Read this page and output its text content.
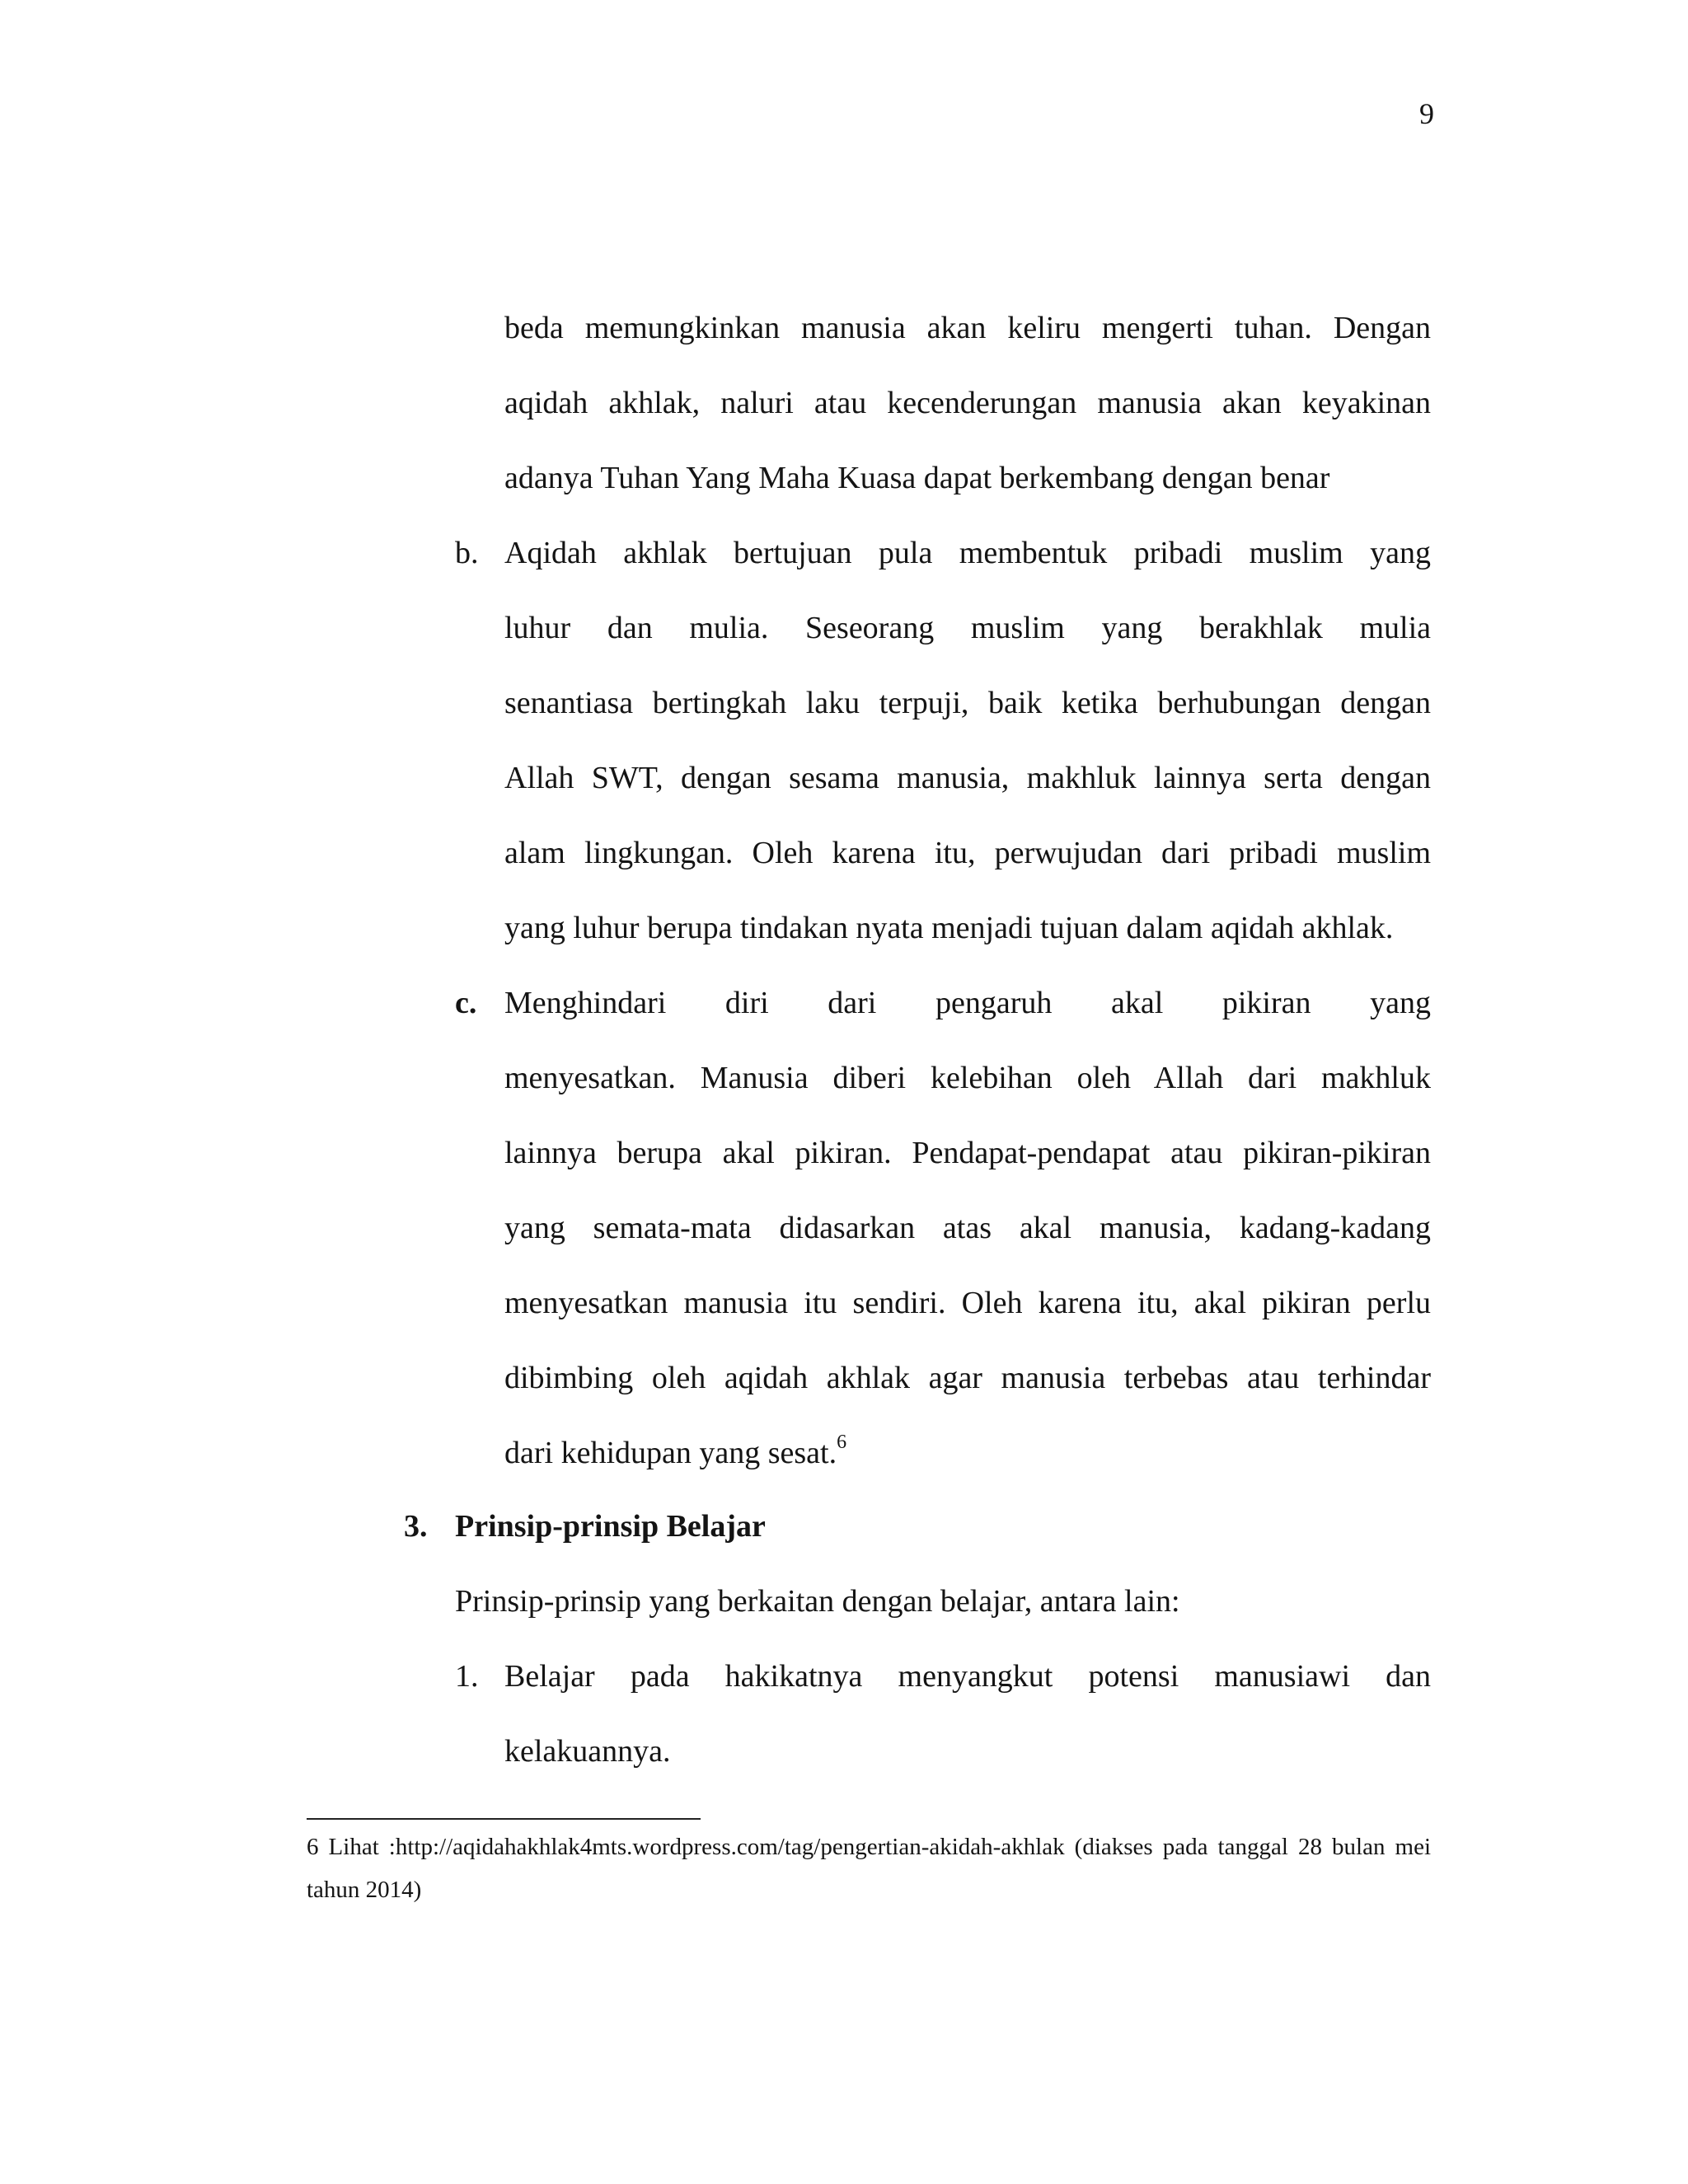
9
beda memungkinkan manusia akan keliru mengerti tuhan. Dengan
aqidah akhlak, naluri atau kecenderungan manusia akan keyakinan
adanya Tuhan Yang Maha Kuasa dapat berkembang dengan benar
b. Aqidah akhlak bertujuan pula membentuk pribadi muslim yang
luhur dan mulia. Seseorang muslim yang berakhlak mulia
senantiasa bertingkah laku terpuji, baik ketika berhubungan dengan
Allah SWT, dengan sesama manusia, makhluk lainnya serta dengan
alam lingkungan. Oleh karena itu, perwujudan dari pribadi muslim
yang luhur berupa tindakan nyata menjadi tujuan dalam aqidah akhlak.
c. Menghindari diri dari pengaruh akal pikiran yang
menyesatkan. Manusia diberi kelebihan oleh Allah dari makhluk
lainnya berupa akal pikiran. Pendapat-pendapat atau pikiran-pikiran
yang semata-mata didasarkan atas akal manusia, kadang-kadang
menyesatkan manusia itu sendiri. Oleh karena itu, akal pikiran perlu
dibimbing oleh aqidah akhlak agar manusia terbebas atau terhindar
dari kehidupan yang sesat.$^6$
3. Prinsip-prinsip Belajar
Prinsip-prinsip yang berkaitan dengan belajar, antara lain:
1. Belajar pada hakikatnya menyangkut potensi manusiawi dan
kelakuannya.
6 Lihat :http://aqidahakhlak4mts.wordpress.com/tag/pengertian-akidah-akhlak (diakses pada tanggal 28 bulan mei
tahun 2014)
